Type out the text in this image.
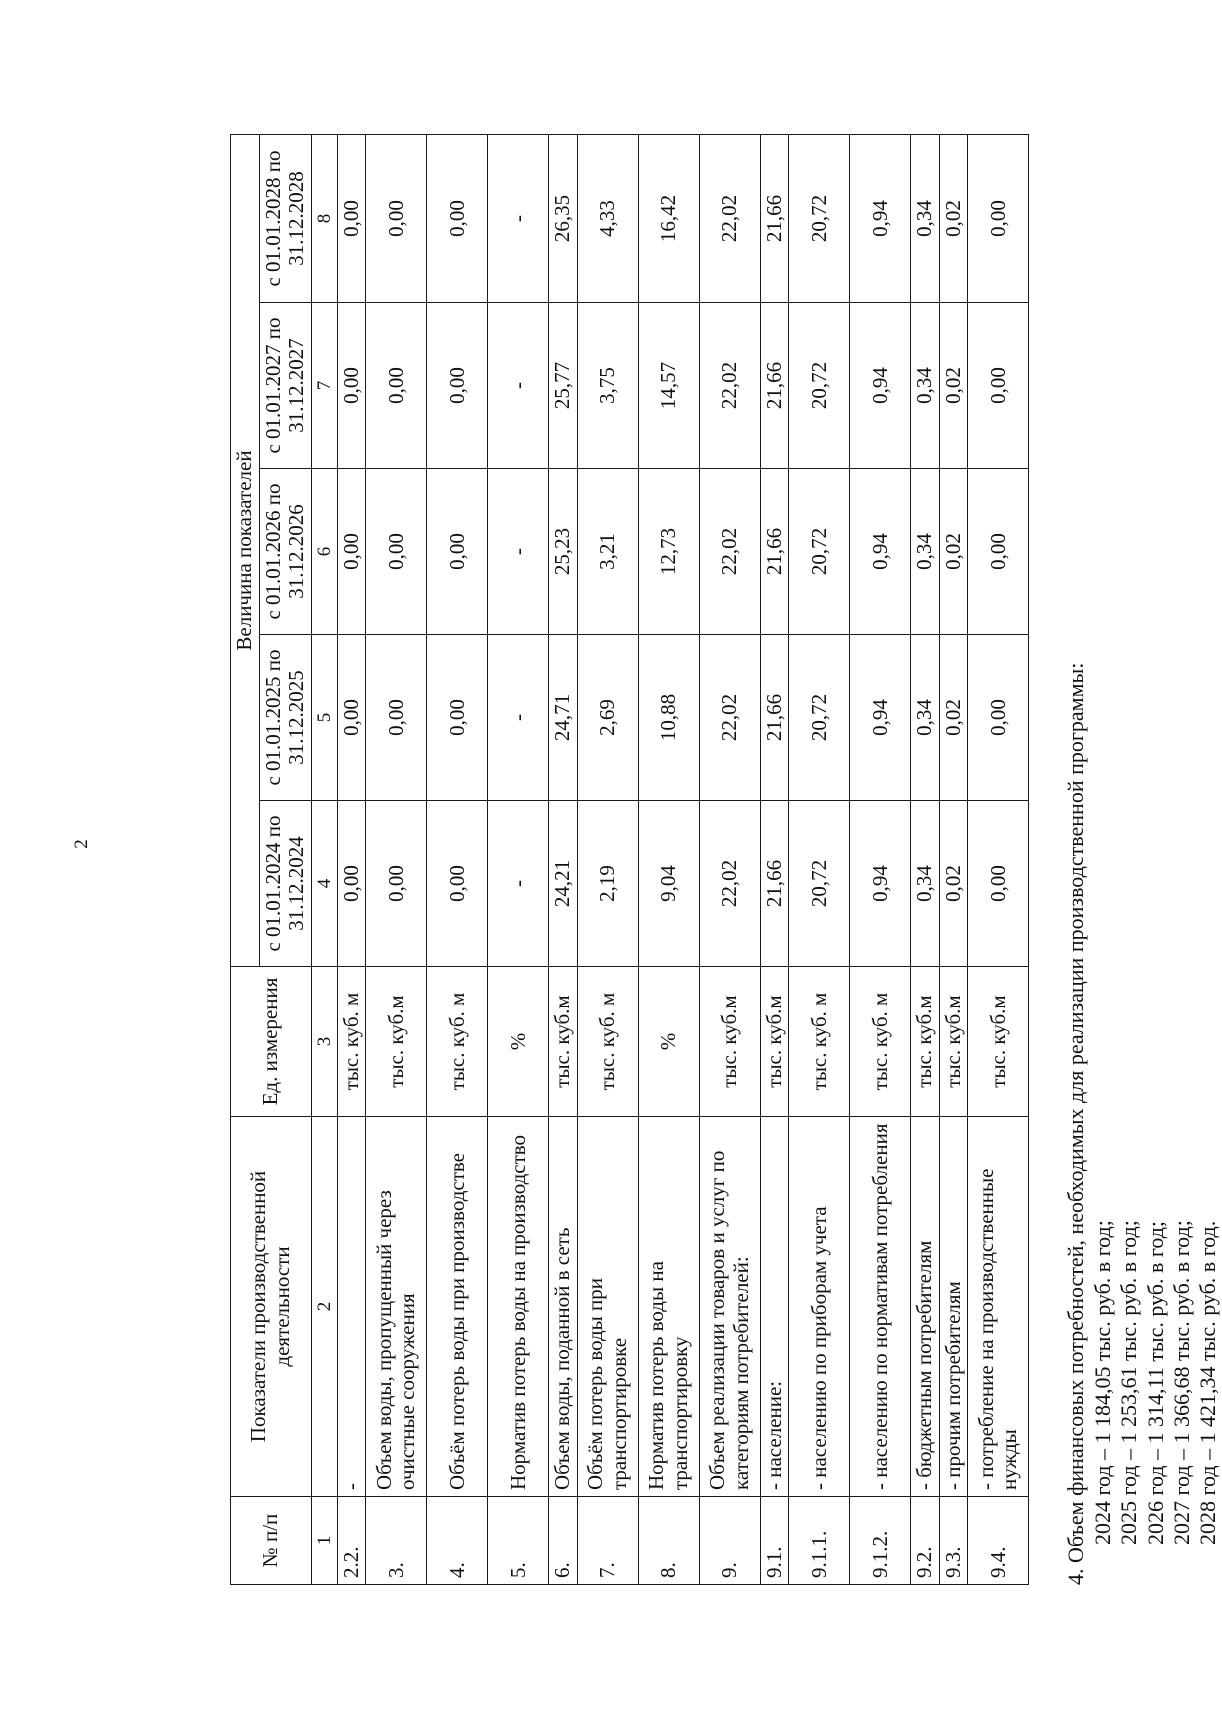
2
№ п/п	Показатели производственной деятельности	Ед. измерения	Величина показателей				
			с 01.01.2024 по 31.12.2024	с 01.01.2025 по 31.12.2025	с 01.01.2026 по 31.12.2026	с 01.01.2027 по 31.12.2027	с 01.01.2028 по 31.12.2028
1	2	3	4	5	6	7	8
2.2.	-	тыс. куб. м	0,00	0,00	0,00	0,00	0,00
3.	Объем воды, пропущенный через очистные сооружения	тыс. куб.м	0,00	0,00	0,00	0,00	0,00
4.	Объём потерь воды при производстве	тыс. куб. м	0,00	0,00	0,00	0,00	0,00
5.	Норматив потерь воды на производство	%	-	-	-	-	-
6.	Объем воды, поданной в сеть	тыс. куб.м	24,21	24,71	25,23	25,77	26,35
7.	Объём потерь воды при транспортировке	тыс. куб. м	2,19	2,69	3,21	3,75	4,33
8.	Норматив потерь воды на транспортировку	%	9,04	10,88	12,73	14,57	16,42
9.	Объем реализации товаров и услуг по категориям потребителей:	тыс. куб.м	22,02	22,02	22,02	22,02	22,02
9.1.	- население:	тыс. куб.м	21,66	21,66	21,66	21,66	21,66
9.1.1.	- населению по приборам учета	тыс. куб. м	20,72	20,72	20,72	20,72	20,72
9.1.2.	- населению по нормативам потребления	тыс. куб. м	0,94	0,94	0,94	0,94	0,94
9.2.	- бюджетным потребителям	тыс. куб.м	0,34	0,34	0,34	0,34	0,34
9.3.	- прочим потребителям	тыс. куб.м	0,02	0,02	0,02	0,02	0,02
9.4.	- потребление на производственные нужды	тыс. куб.м	0,00	0,00	0,00	0,00	0,00
4. Объем финансовых потребностей, необходимых для реализации производственной программы: 2024 год – 1 184,05 тыс. руб. в год; 2025 год – 1 253,61 тыс. руб. в год; 2026 год – 1 314,11 тыс. руб. в год; 2027 год – 1 366,68 тыс. руб. в год; 2028 год – 1 421,34 тыс. руб. в год.
